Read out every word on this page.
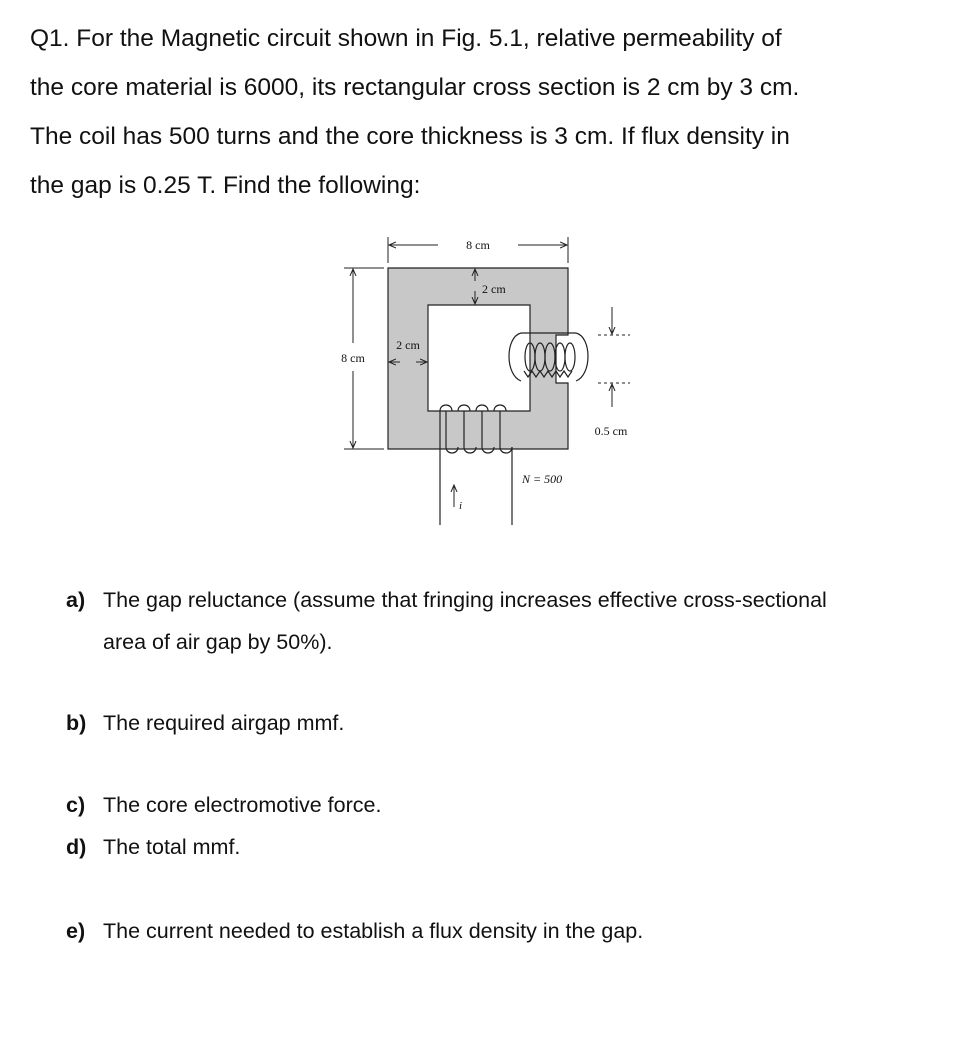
Q1. For the Magnetic circuit shown in Fig. 5.1, relative permeability of
the core material is 6000, its rectangular cross section is 2 cm by 3 cm.
The coil has 500 turns and the core thickness is 3 cm. If flux density in
the gap is 0.25 T. Find the following:
8 cm
2 cm
8 cm
2 cm
i
N = 500
0.5 cm
a) The gap reluctance (assume that fringing increases effective cross-sectional
area of air gap by 50%).
b) The required airgap mmf.
c) The core electromotive force.
d) The total mmf.
e) The current needed to establish a flux density in the gap.
